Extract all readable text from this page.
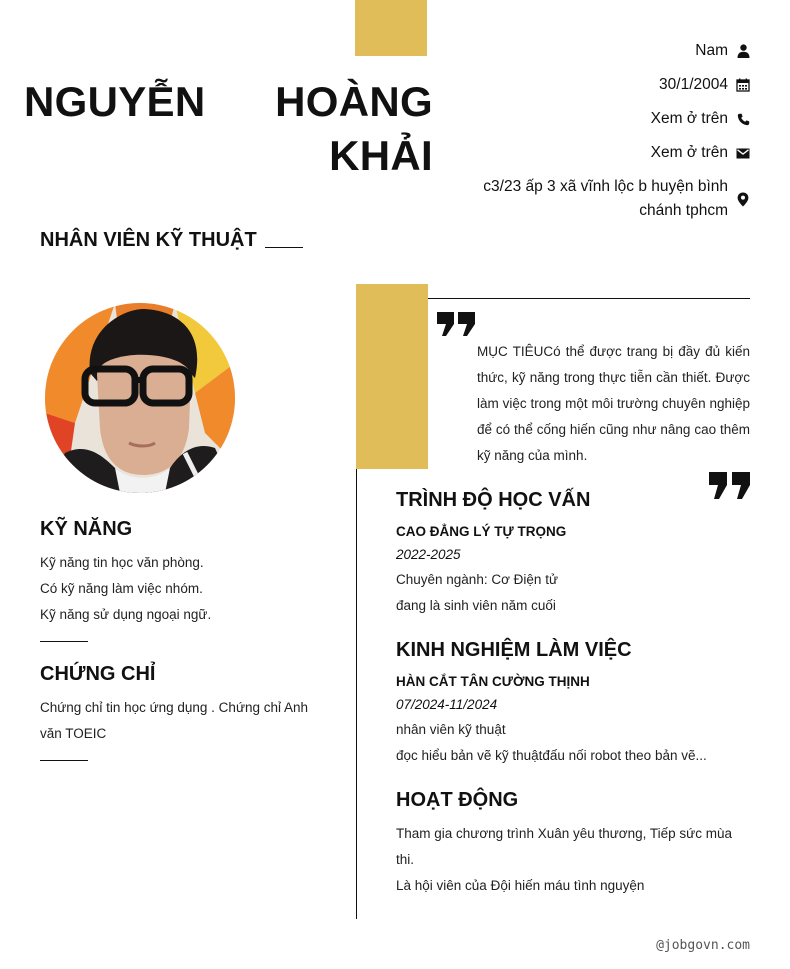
NGUYỄN HOÀNG
KHẢI
NHÂN VIÊN KỸ THUẬT
Nam
30/1/2004
Xem ở trên
Xem ở trên
c3/23 ấp 3 xã vĩnh lộc b huyện bình chánh tphcm
KỸ NĂNG
Kỹ năng tin học văn phòng.
Có kỹ năng làm việc nhóm.
Kỹ năng sử dụng ngoại ngữ.
CHỨNG CHỈ
Chứng chỉ tin học ứng dụng . Chứng chỉ Anh văn TOEIC
MỤC TIÊUCó thể được trang bị đầy đủ kiến thức, kỹ năng trong thực tiễn cần thiết. Được làm việc trong một môi trường chuyên nghiệp để có thể cống hiến cũng như nâng cao thêm kỹ năng của mình.
TRÌNH ĐỘ HỌC VẤN
CAO ĐẲNG LÝ TỰ TRỌNG
2022-2025
Chuyên ngành: Cơ Điện tử
đang là sinh viên năm cuối
KINH NGHIỆM LÀM VIỆC
HÀN CẮT TÂN CƯỜNG THỊNH
07/2024-11/2024
nhân viên kỹ thuật
đọc hiểu bản vẽ kỹ thuậtđấu nối robot theo bản vẽ...
HOẠT ĐỘNG
Tham gia chương trình Xuân yêu thương, Tiếp sức mùa thi.
Là hội viên của Đội hiến máu tình nguyện
@jobgovn.com
